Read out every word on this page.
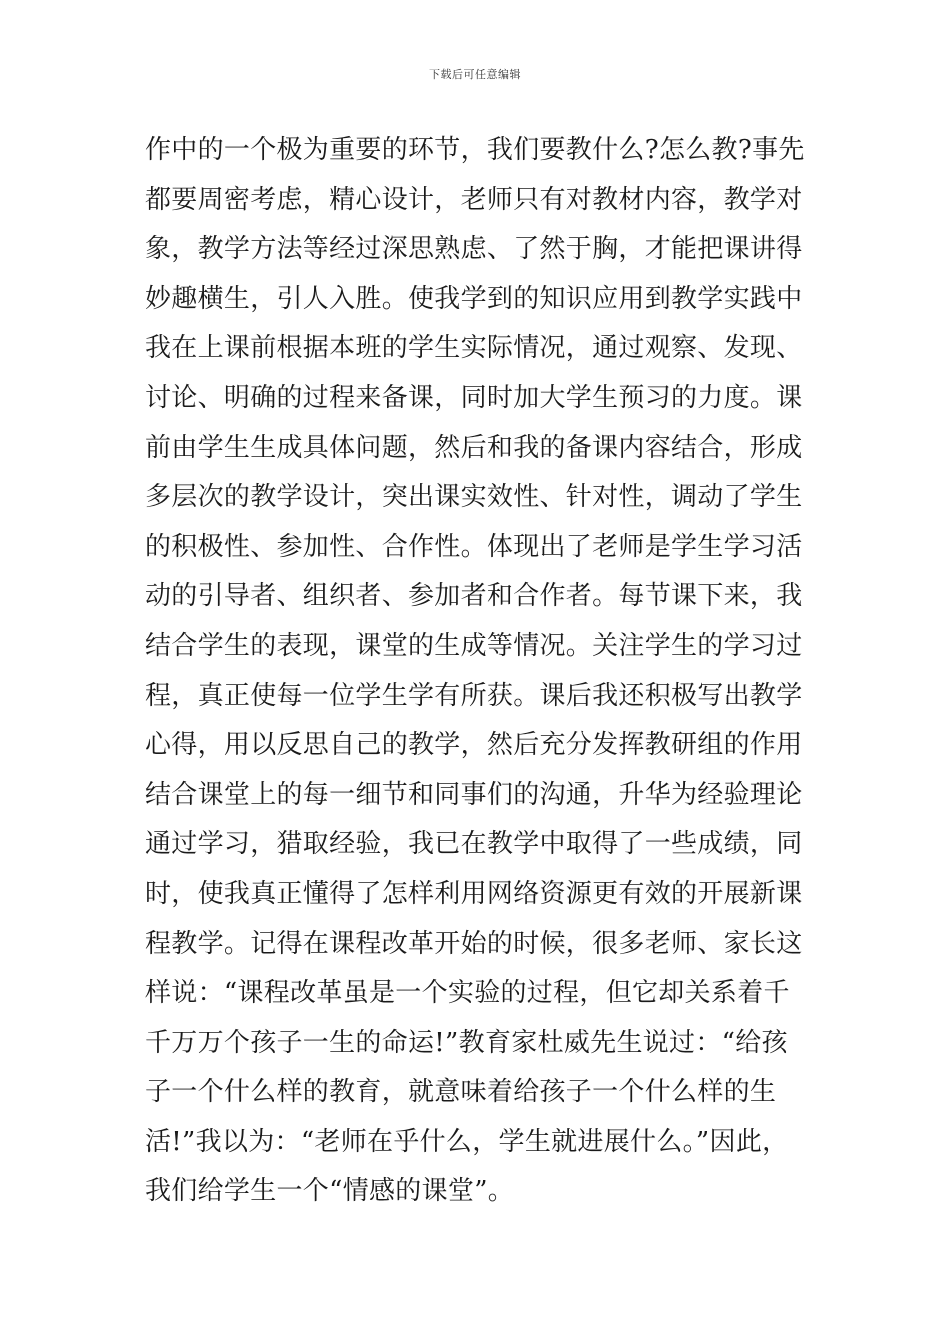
下载后可任意编辑
作中的一个极为重要的环节，我们要教什么?怎么教?事先
都要周密考虑，精心设计，老师只有对教材内容，教学对
象，教学方法等经过深思熟虑、了然于胸，才能把课讲得
妙趣横生，引人入胜。使我学到的知识应用到教学实践中
我在上课前根据本班的学生实际情况，通过观察、发现、
讨论、明确的过程来备课，同时加大学生预习的力度。课
前由学生生成具体问题，然后和我的备课内容结合，形成
多层次的教学设计，突出课实效性、针对性，调动了学生
的积极性、参加性、合作性。体现出了老师是学生学习活
动的引导者、组织者、参加者和合作者。每节课下来，我
结合学生的表现，课堂的生成等情况。关注学生的学习过
程，真正使每一位学生学有所获。课后我还积极写出教学
心得，用以反思自己的教学，然后充分发挥教研组的作用
结合课堂上的每一细节和同事们的沟通，升华为经验理论
通过学习，猎取经验，我已在教学中取得了一些成绩，同
时，使我真正懂得了怎样利用网络资源更有效的开展新课
程教学。记得在课程改革开始的时候，很多老师、家长这
样说：“课程改革虽是一个实验的过程，但它却关系着千
千万万个孩子一生的命运!”教育家杜威先生说过：“给孩
子一个什么样的教育，就意味着给孩子一个什么样的生
活!”我以为：“老师在乎什么，学生就进展什么。”因此，
我们给学生一个“情感的课堂”。
